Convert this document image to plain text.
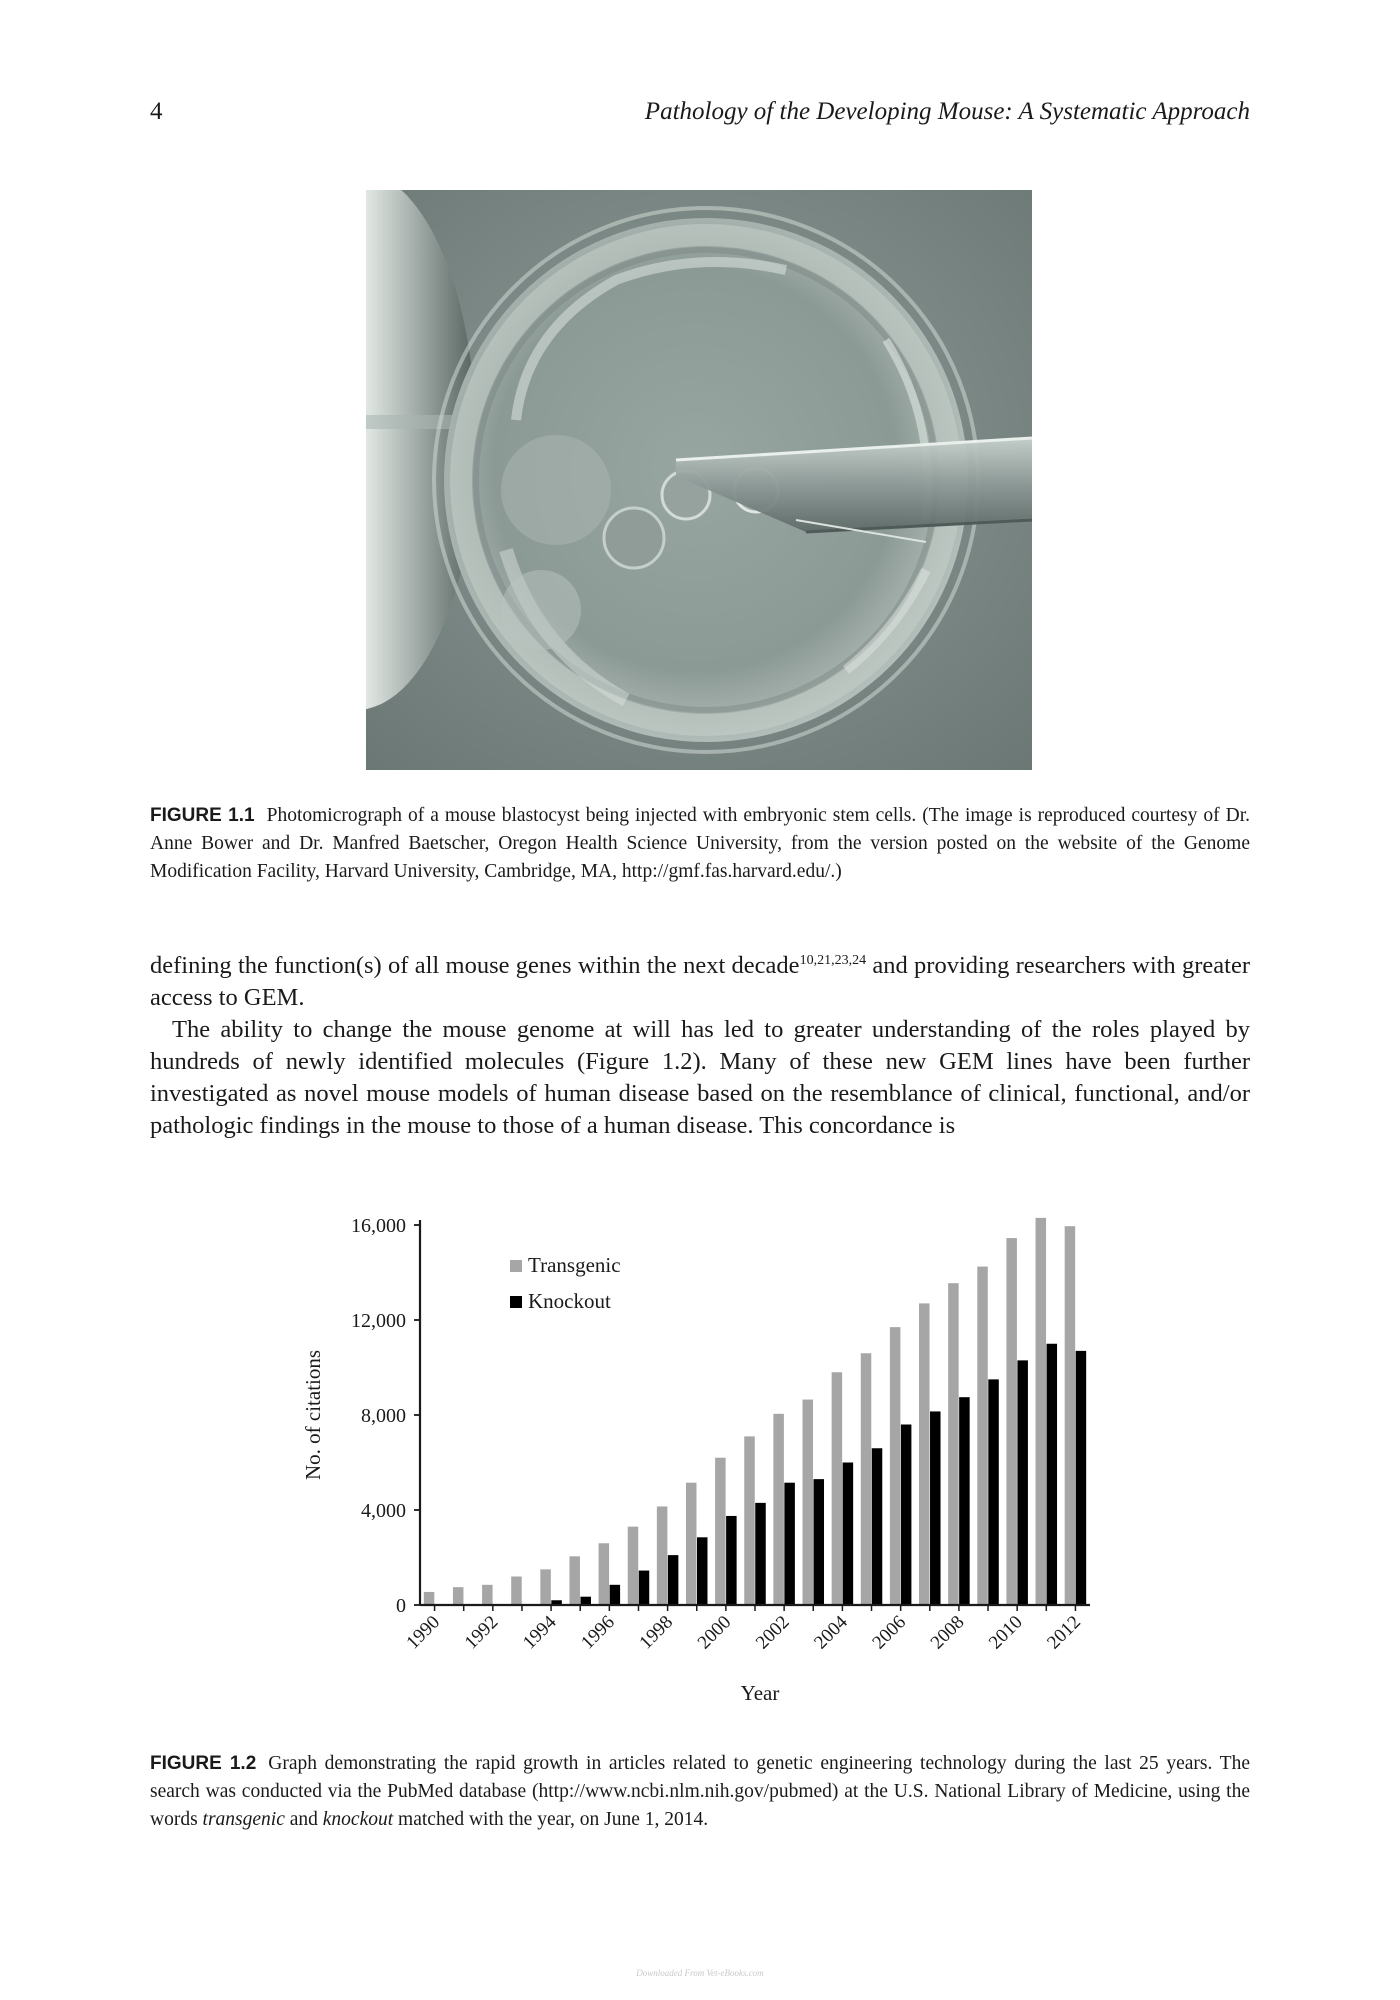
4	Pathology of the Developing Mouse: A Systematic Approach
FIGURE 1.1 Photomicrograph of a mouse blastocyst being injected with embryonic stem cells. (The image is reproduced courtesy of Dr. Anne Bower and Dr. Manfred Baetscher, Oregon Health Science University, from the version posted on the website of the Genome Modification Facility, Harvard University, Cambridge, MA, http://gmf.fas.harvard.edu/.)

defining the function(s) of all mouse genes within the next decade$^{10,21,23,24}$ and providing researchers with greater access to GEM.

The ability to change the mouse genome at will has led to greater understanding of the roles played by hundreds of newly identified molecules (Figure 1.2). Many of these new GEM lines have been further investigated as novel mouse models of human disease based on the resemblance of clinical, functional, and/or pathologic findings in the mouse to those of a human disease. This concordance is

0
4,000
8,000
12,000
16,000
1990 1992 1994 1996 1998 2000 2002 2004 2006 2008 2010 2012
Transgenic
Knockout
No. of citations
Year
FIGURE 1.2 Graph demonstrating the rapid growth in articles related to genetic engineering technology during the last 25 years. The search was conducted via the PubMed database (http://www.ncbi.nlm.nih.gov/pubmed) at the U.S. National Library of Medicine, using the words transgenic and knockout matched with the year, on June 1, 2014.
Downloaded From Vet-eBooks.com
